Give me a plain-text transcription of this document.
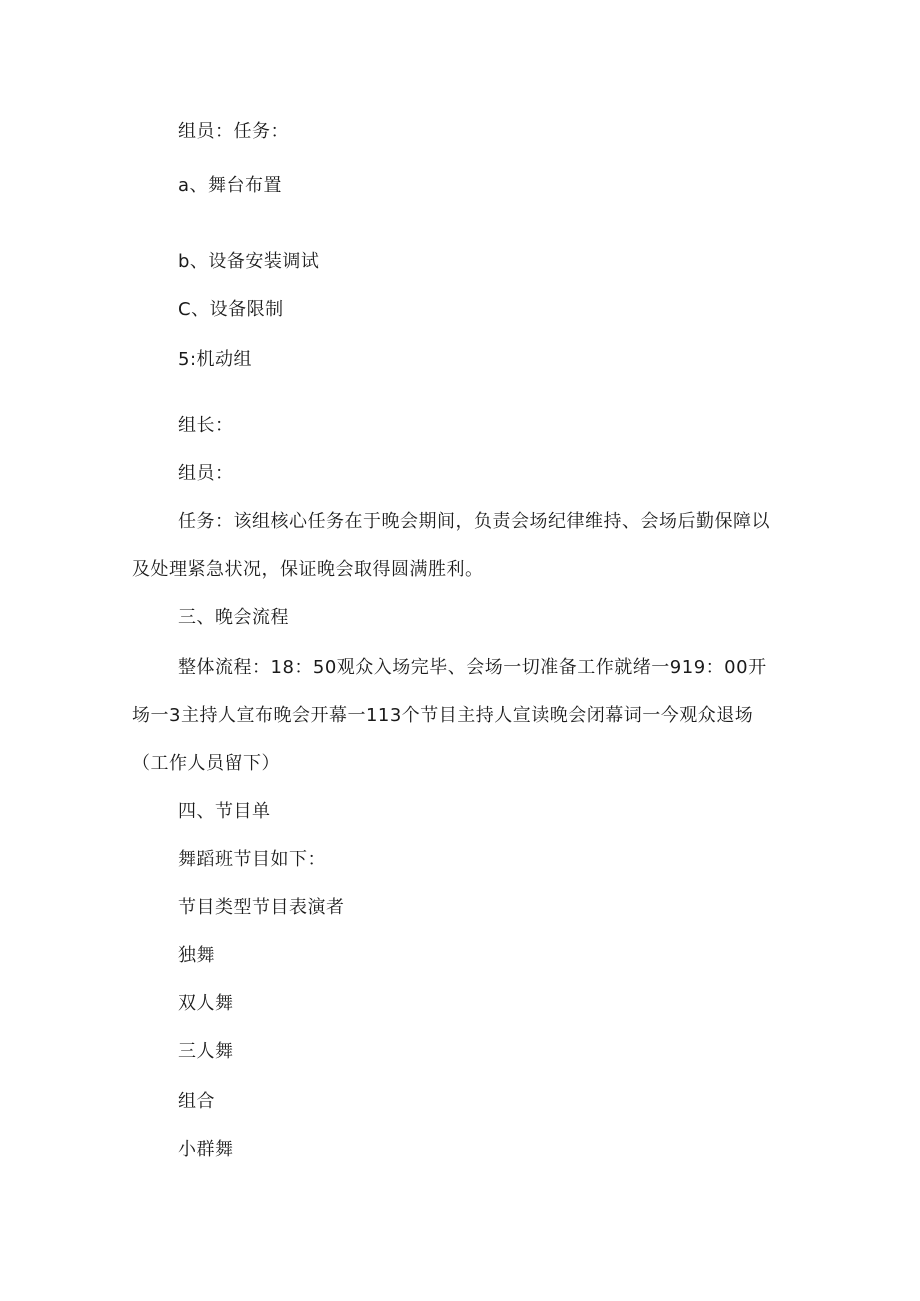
组员：任务：
a、舞台布置
b、设备安装调试
C、设备限制
5:机动组
组长：
组员：
任务：该组核心任务在于晚会期间，负责会场纪律维持、会场后勤保障以及处理紧急状况，保证晚会取得圆满胜利。
三、晚会流程
整体流程：18：50观众入场完毕、会场一切准备工作就绪一919：00开场一3主持人宣布晚会开幕一113个节目主持人宣读晚会闭幕词一今观众退场（工作人员留下）
四、节目单
舞蹈班节目如下：
节目类型节目表演者
独舞
双人舞
三人舞
组合
小群舞
